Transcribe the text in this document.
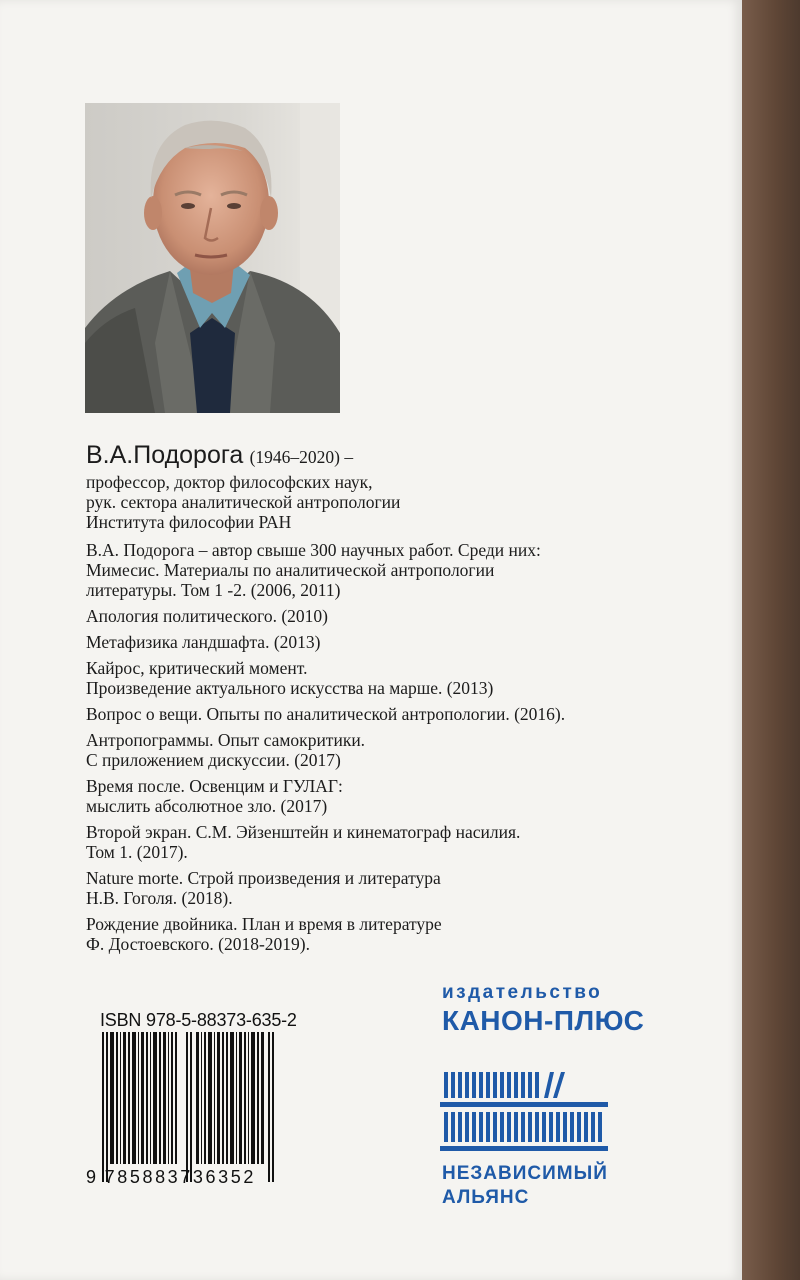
В.А.Подорога (1946–2020) –
профессор, доктор философских наук,
рук. сектора аналитической антропологии
Института философии РАН
В.А. Подорога – автор свыше 300 научных работ. Среди них:
Мимесис. Материалы по аналитической антропологии
литературы. Том 1 -2. (2006, 2011)
Апология политического. (2010)
Метафизика ландшафта. (2013)
Кайрос, критический момент.
Произведение актуального искусства на марше. (2013)
Вопрос о вещи. Опыты по аналитической антропологии. (2016).
Антропограммы. Опыт самокритики.
С приложением дискуссии. (2017)
Время после. Освенцим и ГУЛАГ:
мыслить абсолютное зло. (2017)
Второй экран. С.М. Эйзенштейн и кинематограф насилия.
Том 1. (2017).
Nature morte. Строй произведения и литература
Н.В. Гоголя. (2018).
Рождение двойника. План и время в литературе
Ф. Достоевского. (2018-2019).
издательство
КАНОН-ПЛЮС
НЕЗАВИСИМЫЙ
АЛЬЯНС
ISBN 978-5-88373-635-2
9 785883736352
